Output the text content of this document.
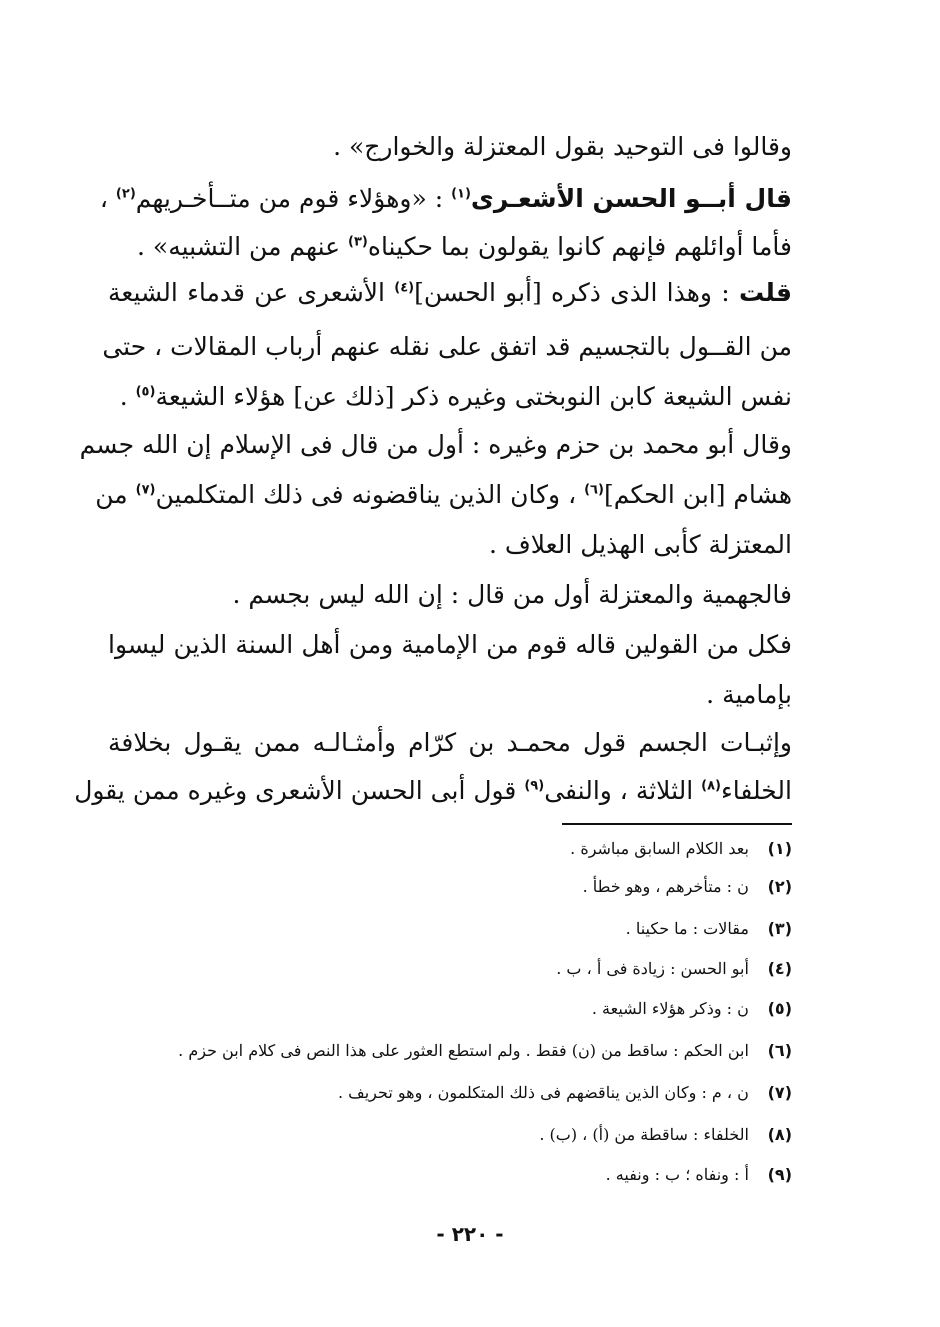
وقالوا فى التوحيد بقول المعتزلة والخوارج» .

قال أبــو الحسن الأشعـرى$^{(١)}$ : «وهؤلاء قوم من متــأخـريهم$^{(٢)}$ ،

فأما أوائلهم فإنهم كانوا يقولون بما حكيناه$^{(٣)}$ عنهم من التشبيه» .

قلت : وهذا الذى ذكره [أبو الحسن]$^{(٤)}$ الأشعرى عن قدماء الشيعة

من القــول بالتجسيم قد اتفق على نقله عنهم أرباب المقالات ، حتى

نفس الشيعة كابن النوبختى وغيره ذكر [ذلك عن] هؤلاء الشيعة$^{(٥)}$ .

وقال أبو محمد بن حزم وغيره : أول من قال فى الإسلام إن الله جسم

هشام [ابن الحكم]$^{(٦)}$ ، وكان الذين يناقضونه فى ذلك المتكلمين$^{(٧)}$ من

المعتزلة كأبى الهذيل العلاف .

فالجهمية والمعتزلة أول من قال : إن الله ليس بجسم .

فكل من القولين قاله قوم من الإمامية ومن أهل السنة الذين ليسوا

بإمامية .

وإثبـات الجسم قول محمـد بن كرّام وأمثـالـه ممن يقـول بخلافة

الخلفاء$^{(٨)}$ الثلاثة ، والنفى$^{(٩)}$ قول أبى الحسن الأشعرى وغيره ممن يقول

(١) بعد الكلام السابق مباشرة .
(٢) ن : متأخرهم ، وهو خطأ .
(٣) مقالات : ما حكينا .
(٤) أبو الحسن : زيادة فى أ ، ب .
(٥) ن : وذكر هؤلاء الشيعة .
(٦) ابن الحكم : ساقط من (ن) فقط . ولم استطع العثور على هذا النص فى كلام ابن حزم .
(٧) ن ، م : وكان الذين يناقضهم فى ذلك المتكلمون ، وهو تحريف .
(٨) الخلفاء : ساقطة من (أ) ، (ب) .
(٩) أ : ونفاه ؛ ب : ونفيه .
- ٢٢٠ -
